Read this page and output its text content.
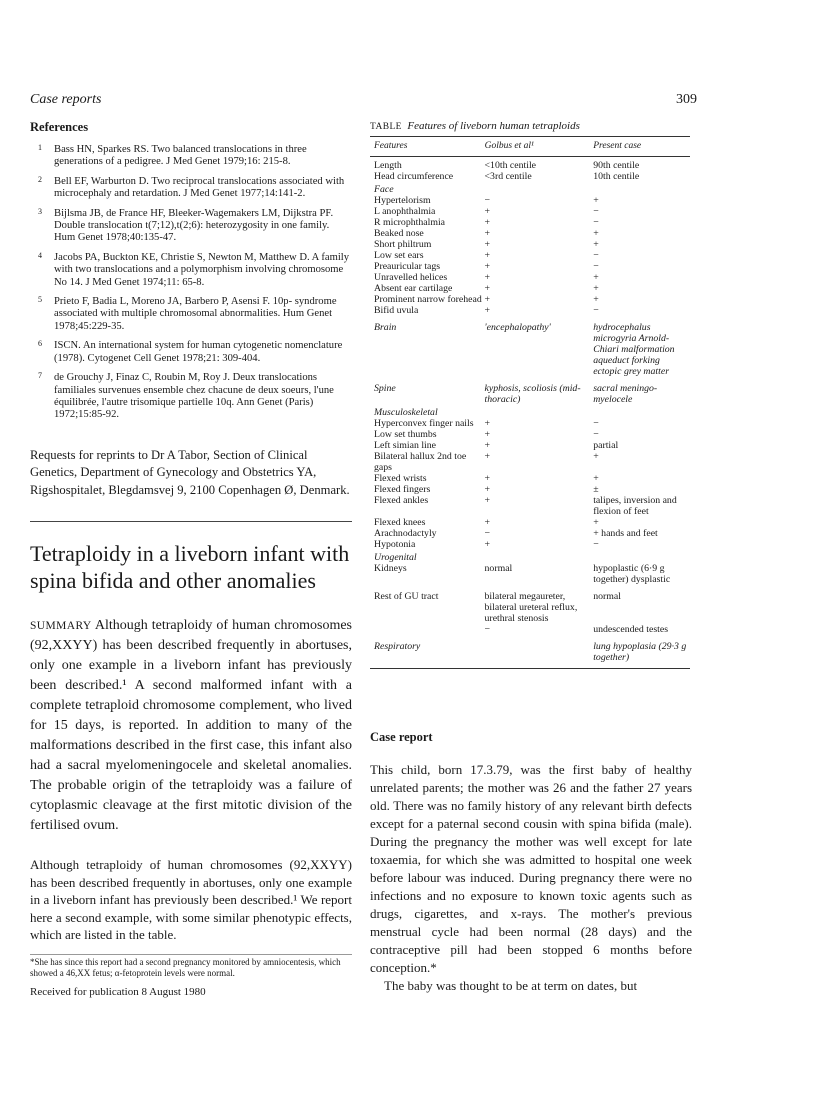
Case reports	309
References
1 Bass HN, Sparkes RS. Two balanced translocations in three generations of a pedigree. J Med Genet 1979;16: 215-8.
2 Bell EF, Warburton D. Two reciprocal translocations associated with microcephaly and retardation. J Med Genet 1977;14:141-2.
3 Bijlsma JB, de France HF, Bleeker-Wagemakers LM, Dijkstra PF. Double translocation t(7;12),t(2;6): heterozygosity in one family. Hum Genet 1978;40:135-47.
4 Jacobs PA, Buckton KE, Christie S, Newton M, Matthew D. A family with two translocations and a polymorphism involving chromosome No 14. J Med Genet 1974;11: 65-8.
5 Prieto F, Badia L, Moreno JA, Barbero P, Asensi F. 10p- syndrome associated with multiple chromosomal abnormalities. Hum Genet 1978;45:229-35.
6 ISCN. An international system for human cytogenetic nomenclature (1978). Cytogenet Cell Genet 1978;21: 309-404.
7 de Grouchy J, Finaz C, Roubin M, Roy J. Deux translocations familiales survenues ensemble chez chacune de deux soeurs, l'une équilibrée, l'autre trisomique partielle 10q. Ann Genet (Paris) 1972;15:85-92.
Requests for reprints to Dr A Tabor, Section of Clinical Genetics, Department of Gynecology and Obstetrics YA, Rigshospitalet, Blegdamsvej 9, 2100 Copenhagen Ø, Denmark.
Tetraploidy in a liveborn infant with spina bifida and other anomalies
SUMMARY Although tetraploidy of human chromosomes (92,XXYY) has been described frequently in abortuses, only one example in a liveborn infant has previously been described.¹ A second malformed infant with a complete tetraploid chromosome complement, who lived for 15 days, is reported. In addition to many of the malformations described in the first case, this infant also had a sacral myelomeningocele and skeletal anomalies. The probable origin of the tetraploidy was a failure of cytoplasmic cleavage at the first mitotic division of the fertilised ovum.
Although tetraploidy of human chromosomes (92,XXYY) has been described frequently in abortuses, only one example in a liveborn infant has previously been described.¹ We report here a second example, with some similar phenotypic effects, which are listed in the table.
*She has since this report had a second pregnancy monitored by amniocentesis, which showed a 46,XX fetus; α-fetoprotein levels were normal.
Received for publication 8 August 1980
TABLE Features of liveborn human tetraploids
Features	Golbus et al¹	Present case
Length	<10th centile	90th centile
Head circumference	<3rd centile	10th centile
Face		
Hypertelorism	−	+
L anophthalmia	+	−
R microphthalmia	+	−
Beaked nose	+	+
Short philtrum	+	+
Low set ears	+	−
Preauricular tags	+	−
Unravelled helices	+	+
Absent ear cartilage	+	+
Prominent narrow forehead	+	+
Bifid uvula	+	−
Brain	'encephalopathy'	hydrocephalus microgyria Arnold-Chiari malformation aqueduct forking ectopic grey matter
Spine	kyphosis, scoliosis (mid-thoracic)	sacral meningo-myelocele
Musculoskeletal		
Hyperconvex finger nails	+	−
Low set thumbs	+	−
Left simian line	+	partial
Bilateral hallux 2nd toe gaps	+	+
Flexed wrists	+	+
Flexed fingers	+	±
Flexed ankles	+	talipes, inversion and flexion of feet
Flexed knees	+	+
Arachnodactyly	−	+ hands and feet
Hypotonia	+	−
Urogenital		
Kidneys	normal	hypoplastic (6·9 g together) dysplastic
Rest of GU tract	bilateral megaureter, bilateral ureteral reflux, urethral stenosis	normal
	−	undescended testes
Respiratory		lung hypoplasia (29·3 g together)
Case report

This child, born 17.3.79, was the first baby of healthy unrelated parents; the mother was 26 and the father 27 years old. There was no family history of any relevant birth defects except for a paternal second cousin with spina bifida (male). During the pregnancy the mother was well except for late toxaemia, for which she was admitted to hospital one week before labour was induced. During pregnancy there were no infections and no exposure to known toxic agents such as drugs, cigarettes, and x-rays. The mother's previous menstrual cycle had been normal (28 days) and the contraceptive pill had been stopped 6 months before conception.*

The baby was thought to be at term on dates, but
